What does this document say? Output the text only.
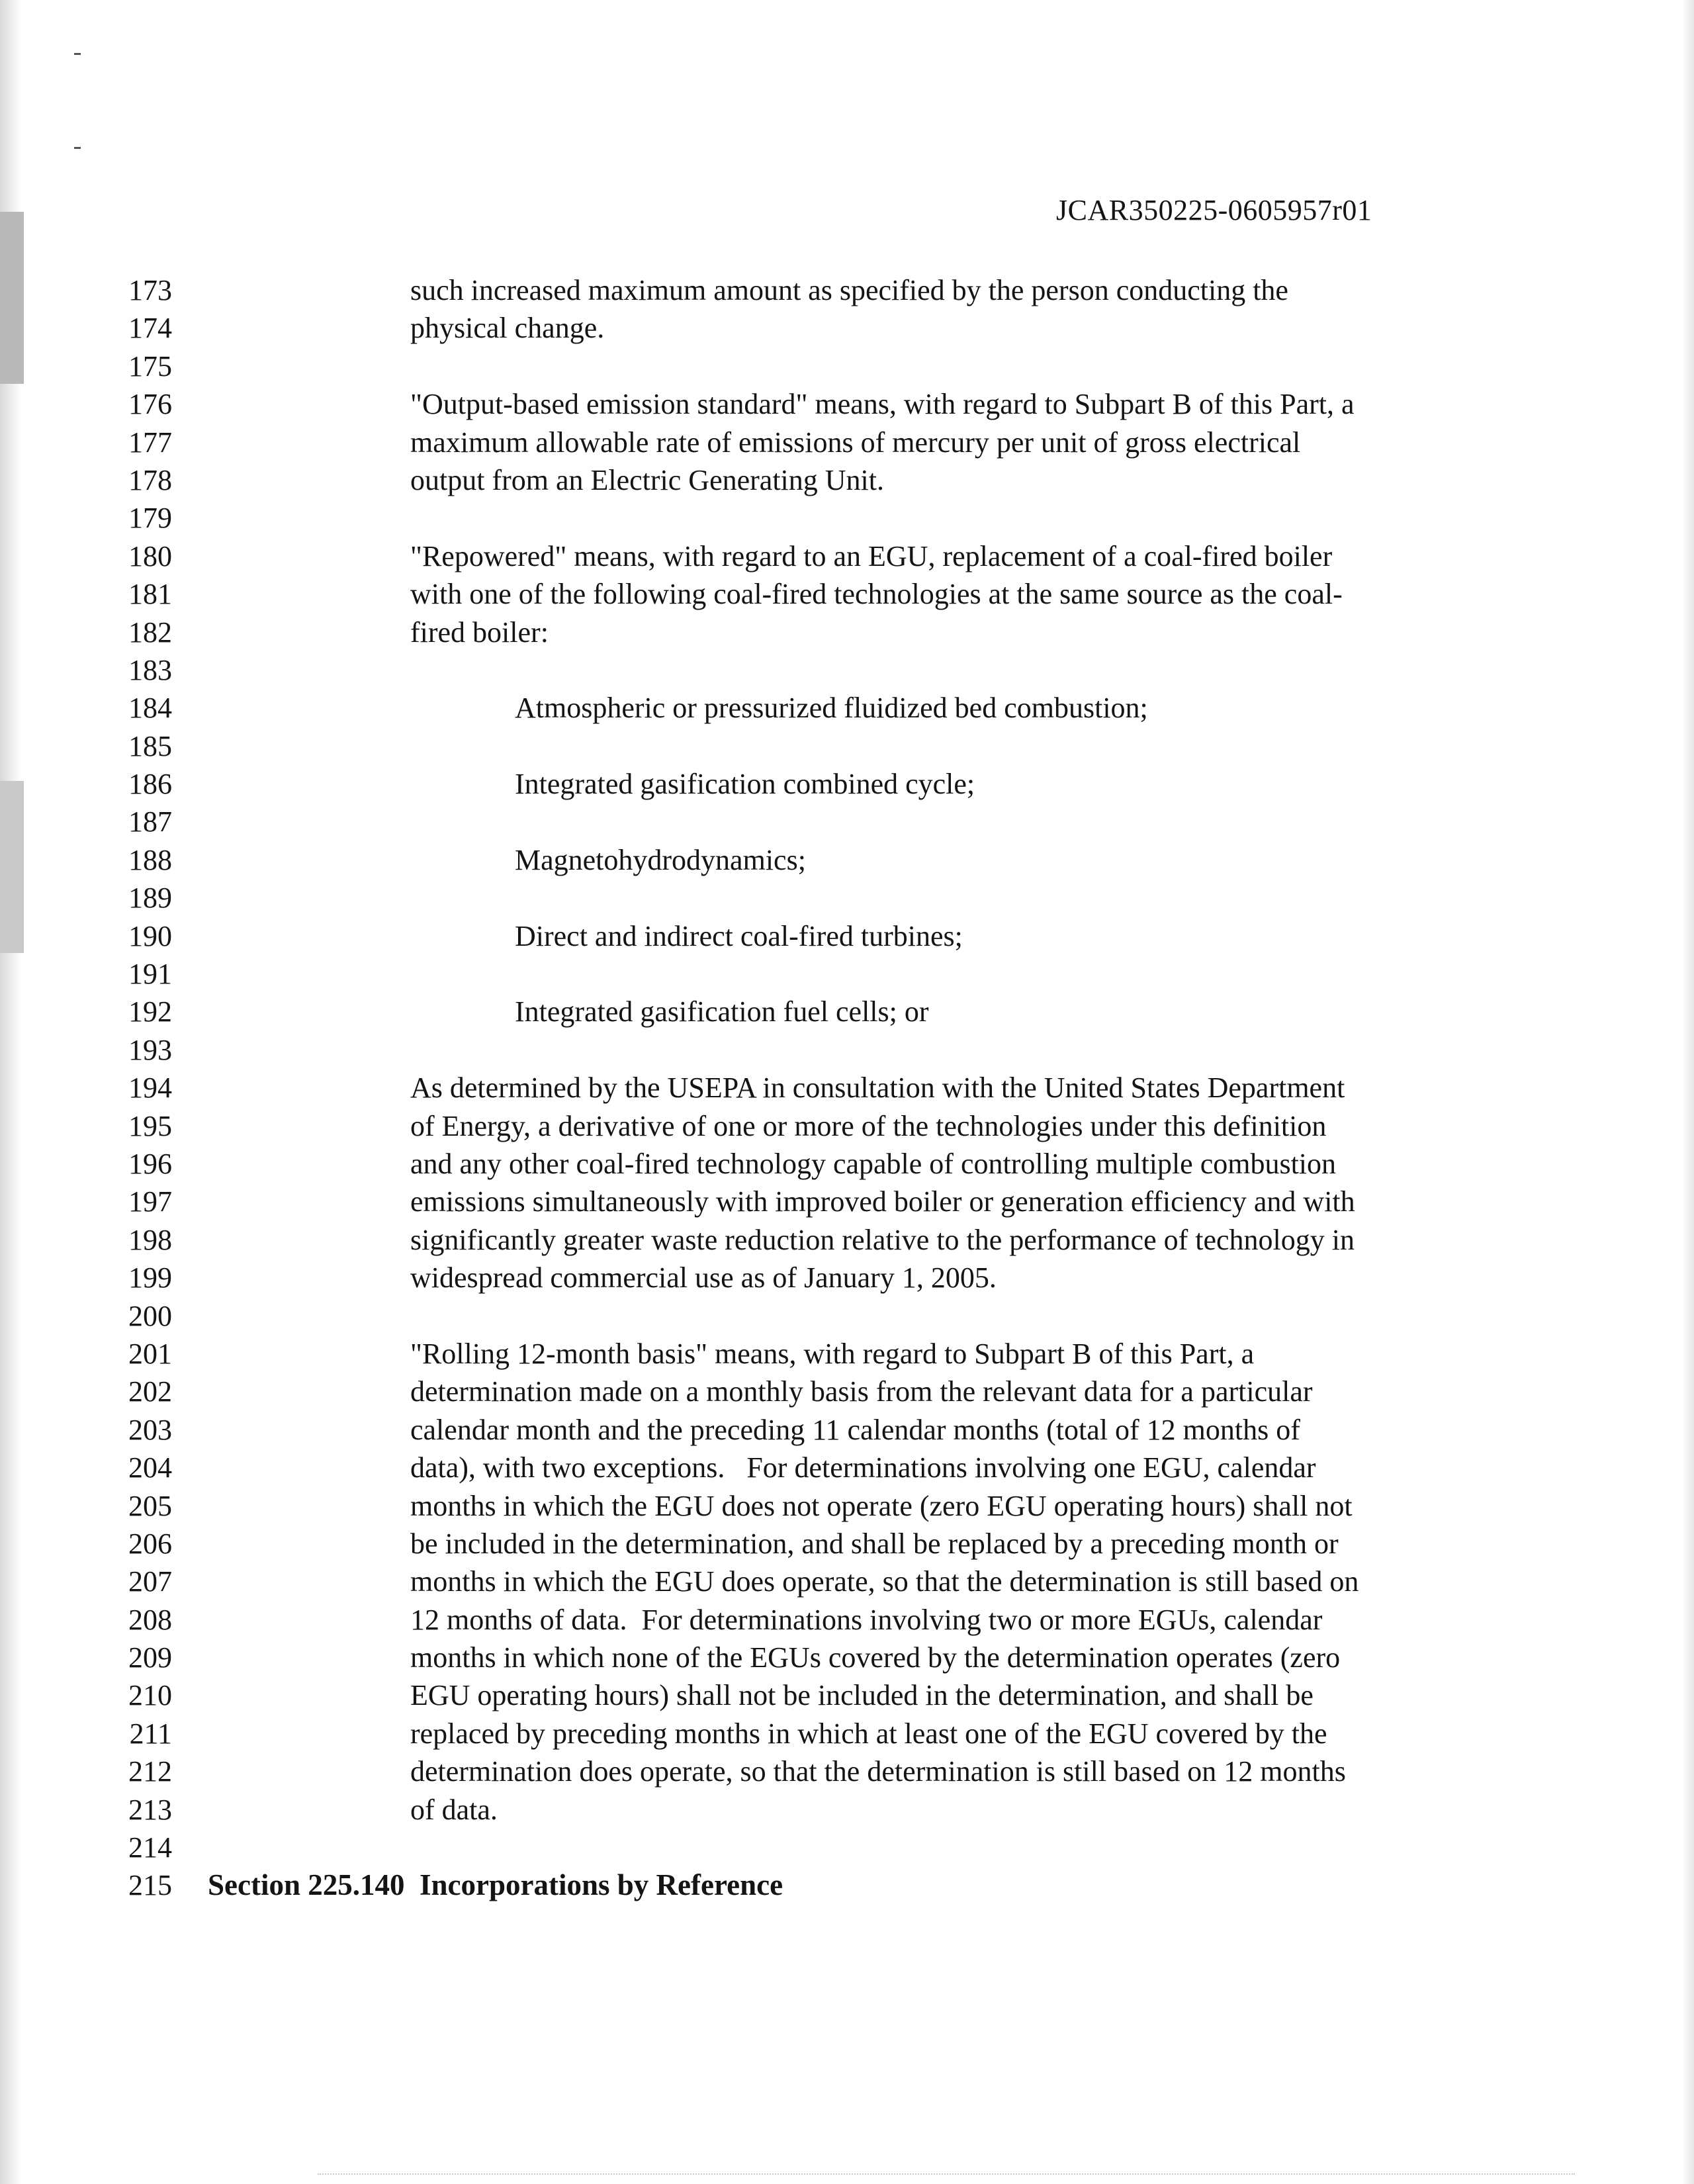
JCAR350225-0605957r01
173
174
175
176
177
178
179
180
181
182
183
184
185
186
187
188
189
190
191
192
193
194
195
196
197
198
199
200
201
202
203
204
205
206
207
208
209
210
211
212
213
214
215
such increased maximum amount as specified by the person conducting the
physical change.
"Output-based emission standard" means, with regard to Subpart B of this Part, a
maximum allowable rate of emissions of mercury per unit of gross electrical
output from an Electric Generating Unit.
"Repowered" means, with regard to an EGU, replacement of a coal-fired boiler
with one of the following coal-fired technologies at the same source as the coal-
fired boiler:
Atmospheric or pressurized fluidized bed combustion;
Integrated gasification combined cycle;
Magnetohydrodynamics;
Direct and indirect coal-fired turbines;
Integrated gasification fuel cells; or
As determined by the USEPA in consultation with the United States Department
of Energy, a derivative of one or more of the technologies under this definition
and any other coal-fired technology capable of controlling multiple combustion
emissions simultaneously with improved boiler or generation efficiency and with
significantly greater waste reduction relative to the performance of technology in
widespread commercial use as of January 1, 2005.
"Rolling 12-month basis" means, with regard to Subpart B of this Part, a
determination made on a monthly basis from the relevant data for a particular
calendar month and the preceding 11 calendar months (total of 12 months of
data), with two exceptions.   For determinations involving one EGU, calendar
months in which the EGU does not operate (zero EGU operating hours) shall not
be included in the determination, and shall be replaced by a preceding month or
months in which the EGU does operate, so that the determination is still based on
12 months of data.  For determinations involving two or more EGUs, calendar
months in which none of the EGUs covered by the determination operates (zero
EGU operating hours) shall not be included in the determination, and shall be
replaced by preceding months in which at least one of the EGU covered by the
determination does operate, so that the determination is still based on 12 months
of data.
Section 225.140  Incorporations by Reference
